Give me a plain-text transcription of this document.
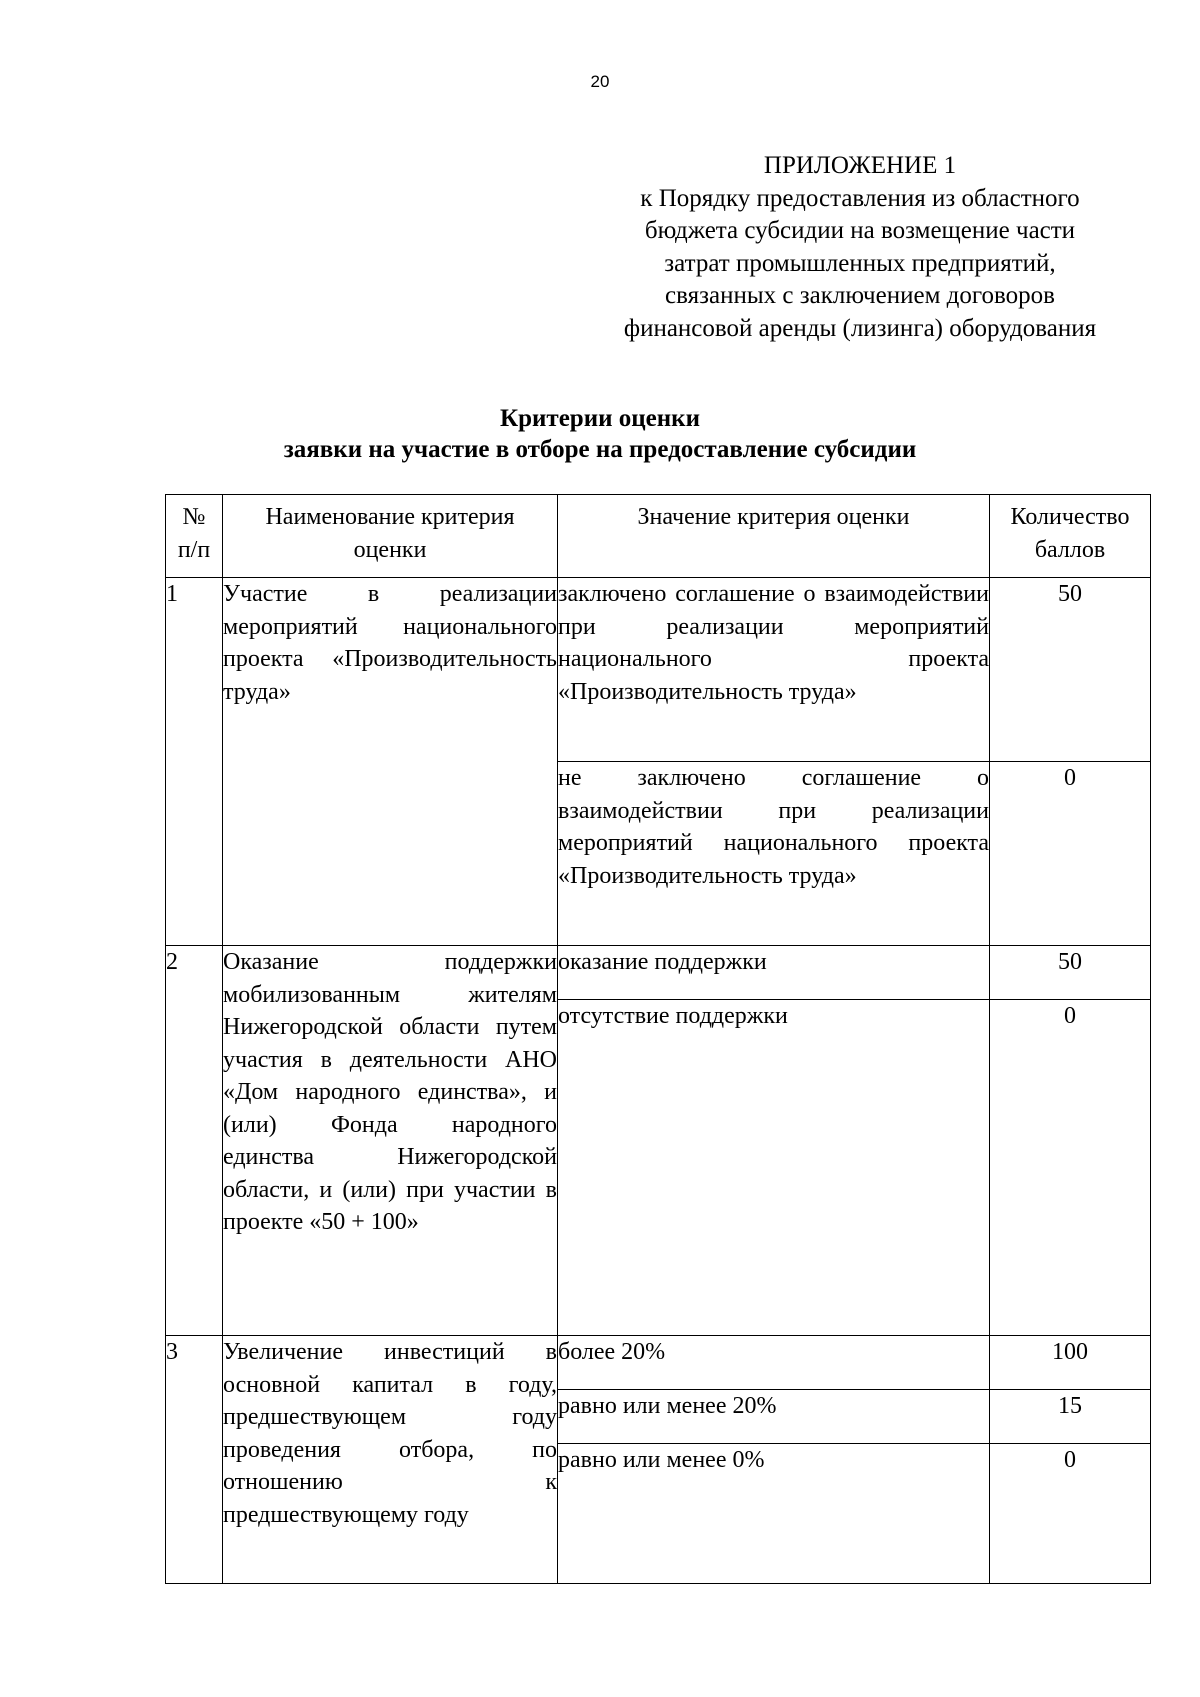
20
ПРИЛОЖЕНИЕ 1
к Порядку предоставления из областного
бюджета субсидии на возмещение части
затрат промышленных предприятий,
связанных с заключением договоров
финансовой аренды (лизинга) оборудования
Критерии оценки
заявки на участие в отборе на предоставление субсидии
№ п/п	Наименование критерия оценки	Значение критерия оценки	Количество баллов
1	Участие в реализации мероприятий национального проекта «Производительность труда»	заключено соглашение о взаимодействии при реализации мероприятий национального проекта «Производительность труда»	50
		не заключено соглашение о взаимодействии при реализации мероприятий национального проекта «Производительность труда»	0
2	Оказание поддержки мобилизованным жителям Нижегородской области путем участия в деятельности АНО «Дом народного единства», и (или) Фонда народного единства Нижегородской области, и (или) при участии в проекте «50 + 100»	оказание поддержки	50
		отсутствие поддержки	0
3	Увеличение инвестиций в основной капитал в году, предшествующем году проведения отбора, по отношению к предшествующему году	более 20%	100
		равно или менее 20%	15
		равно или менее 0%	0
